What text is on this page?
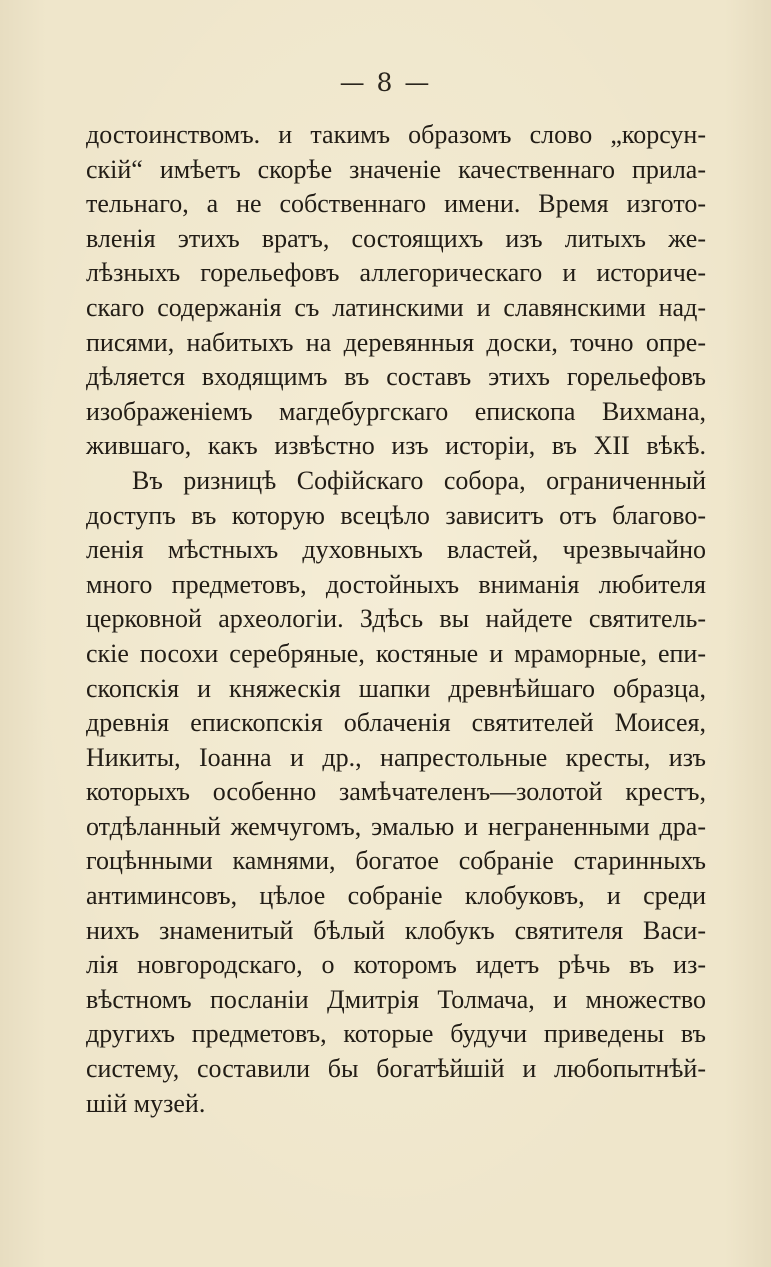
— 8 —
достоинствомъ. и такимъ образомъ слово „корсун-
скій“ имѣетъ скорѣе значеніе качественнаго прила-
тельнаго, а не собственнаго имени. Время изгото-
вленія этихъ вратъ, состоящихъ изъ литыхъ же-
лѣзныхъ горельефовъ аллегорическаго и историче-
скаго содержанія съ латинскими и славянскими над-
писями, набитыхъ на деревянныя доски, точно опре-
дѣляется входящимъ въ составъ этихъ горельефовъ
изображеніемъ магдебургскаго епископа Вихмана,
жившаго, какъ извѣстно изъ исторіи, въ XII вѣкѣ.
Въ ризницѣ Софійскаго собора, ограниченный
доступъ въ которую всецѣло зависитъ отъ благово-
ленія мѣстныхъ духовныхъ властей, чрезвычайно
много предметовъ, достойныхъ вниманія любителя
церковной археологіи. Здѣсь вы найдете святитель-
скіе посохи серебряные, костяные и мраморные, епи-
скопскія и княжескія шапки древнѣйшаго образца,
древнія епископскія облаченія святителей Моисея,
Никиты, Іоанна и др., напрестольные кресты, изъ
которыхъ особенно замѣчателенъ—золотой крестъ,
отдѣланный жемчугомъ, эмалью и неграненными дра-
гоцѣнными камнями, богатое собраніе старинныхъ
антиминсовъ, цѣлое собраніе клобуковъ, и среди
нихъ знаменитый бѣлый клобукъ святителя Васи-
лія новгородскаго, о которомъ идетъ рѣчь въ из-
вѣстномъ посланіи Дмитрія Толмача, и множество
другихъ предметовъ, которые будучи приведены въ
систему, составили бы богатѣйшій и любопытнѣй-
шій музей.
